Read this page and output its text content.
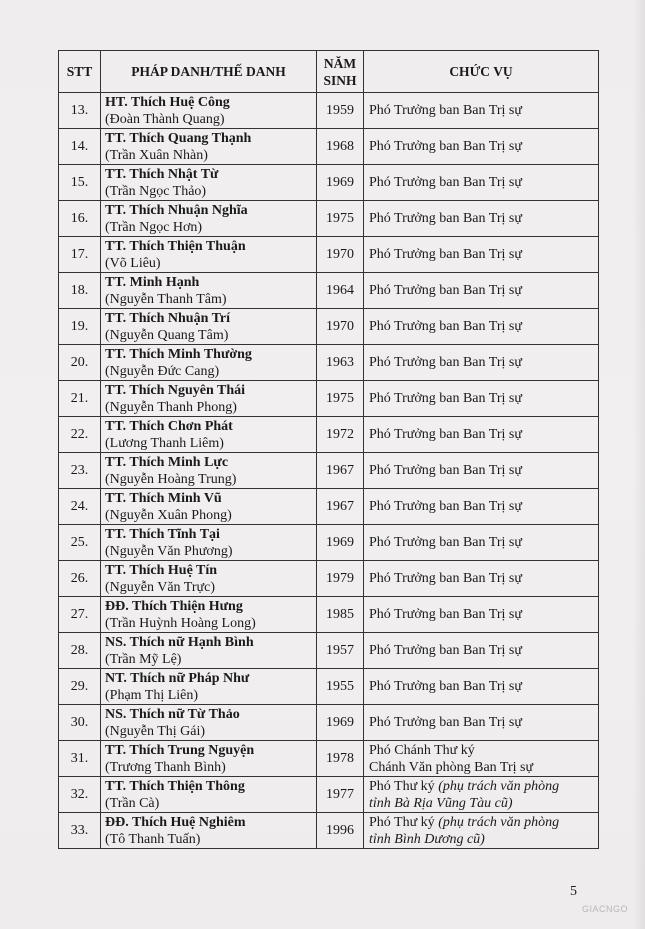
STT	PHÁP DANH/THẾ DANH	NĂM
SINH	CHỨC VỤ
13.	HT. Thích Huệ Công
(Đoàn Thành Quang)	1959	Phó Trưởng ban Ban Trị sự

14.	TT. Thích Quang Thạnh
(Trần Xuân Nhàn)	1968	Phó Trưởng ban Ban Trị sự

15.	TT. Thích Nhật Từ
(Trần Ngọc Thảo)	1969	Phó Trưởng ban Ban Trị sự

16.	TT. Thích Nhuận Nghĩa
(Trần Ngọc Hơn)	1975	Phó Trưởng ban Ban Trị sự

17.	TT. Thích Thiện Thuận
(Võ Liêu)	1970	Phó Trưởng ban Ban Trị sự

18.	TT. Minh Hạnh
(Nguyễn Thanh Tâm)	1964	Phó Trưởng ban Ban Trị sự

19.	TT. Thích Nhuận Trí
(Nguyễn Quang Tâm)	1970	Phó Trưởng ban Ban Trị sự

20.	TT. Thích Minh Thường
(Nguyễn Đức Cang)	1963	Phó Trưởng ban Ban Trị sự

21.	TT. Thích Nguyên Thái
(Nguyễn Thanh Phong)	1975	Phó Trưởng ban Ban Trị sự

22.	TT. Thích Chơn Phát
(Lương Thanh Liêm)	1972	Phó Trưởng ban Ban Trị sự

23.	TT. Thích Minh Lực
(Nguyễn Hoàng Trung)	1967	Phó Trưởng ban Ban Trị sự

24.	TT. Thích Minh Vũ
(Nguyễn Xuân Phong)	1967	Phó Trưởng ban Ban Trị sự

25.	TT. Thích Tĩnh Tại
(Nguyễn Văn Phương)	1969	Phó Trưởng ban Ban Trị sự

26.	TT. Thích Huệ Tín
(Nguyễn Văn Trực)	1979	Phó Trưởng ban Ban Trị sự

27.	ĐĐ. Thích Thiện Hưng
(Trần Huỳnh Hoàng Long)	1985	Phó Trưởng ban Ban Trị sự

28.	NS. Thích nữ Hạnh Bình
(Trần Mỹ Lệ)	1957	Phó Trưởng ban Ban Trị sự

29.	NT. Thích nữ Pháp Như
(Phạm Thị Liên)	1955	Phó Trưởng ban Ban Trị sự

30.	NS. Thích nữ Từ Thảo
(Nguyễn Thị Gái)	1969	Phó Trưởng ban Ban Trị sự

31.	TT. Thích Trung Nguyện
(Trương Thanh Bình)	1978	Phó Chánh Thư ký
Chánh Văn phòng Ban Trị sự

32.	TT. Thích Thiện Thông
(Trần Cà)	1977	Phó Thư ký (phụ trách văn phòng
tỉnh Bà Rịa Vũng Tàu cũ)

33.	ĐĐ. Thích Huệ Nghiêm
(Tô Thanh Tuấn)	1996	Phó Thư ký (phụ trách văn phòng
tỉnh Bình Dương cũ)
5
GIACNGO
